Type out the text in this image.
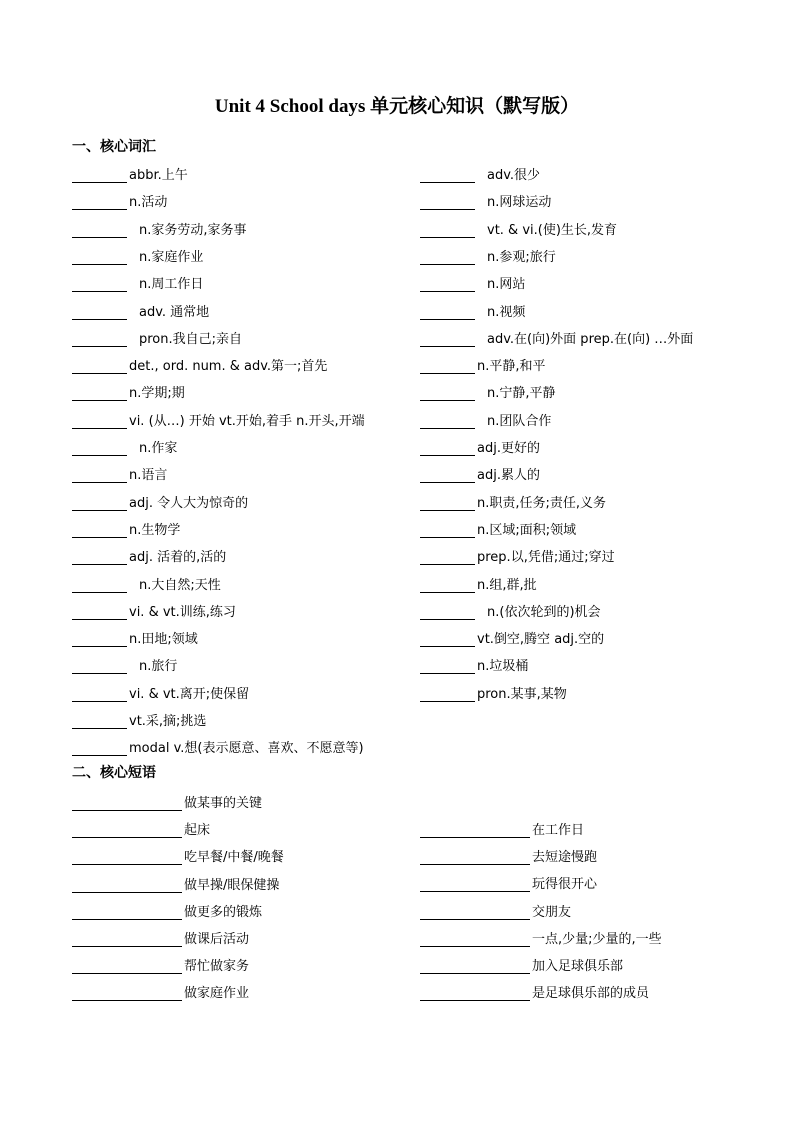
Unit 4 School days 单元核心知识（默写版）
一、核心词汇
abbr.上午
n.活动
n.家务劳动,家务事
n.家庭作业
n.周工作日
adv. 通常地
pron.我自己;亲自
det., ord. num. & adv.第一;首先
n.学期;期
vi. (从…) 开始 vt.开始,着手 n.开头,开端
n.作家
n.语言
adj. 令人大为惊奇的
n.生物学
adj. 活着的,活的
n.大自然;天性
vi. & vt.训练,练习
n.田地;领域
n.旅行
vi. & vt.离开;使保留
vt.采,摘;挑选
modal v.想(表示愿意、喜欢、不愿意等)
adv.很少
n.网球运动
vt. & vi.(使)生长,发育
n.参观;旅行
n.网站
n.视频
adv.在(向)外面 prep.在(向) …外面
n.平静,和平
n.宁静,平静
n.团队合作
adj.更好的
adj.累人的
n.职责,任务;责任,义务
n.区域;面积;领域
prep.以,凭借;通过;穿过
n.组,群,批
n.(依次轮到的)机会
vt.倒空,腾空 adj.空的
n.垃圾桶
pron.某事,某物
二、核心短语
做某事的关键
起床
吃早餐/中餐/晚餐
做早操/眼保健操
做更多的锻炼
做课后活动
帮忙做家务
做家庭作业
在工作日
去短途慢跑
玩得很开心
交朋友
一点,少量;少量的,一些
加入足球俱乐部
是足球俱乐部的成员
